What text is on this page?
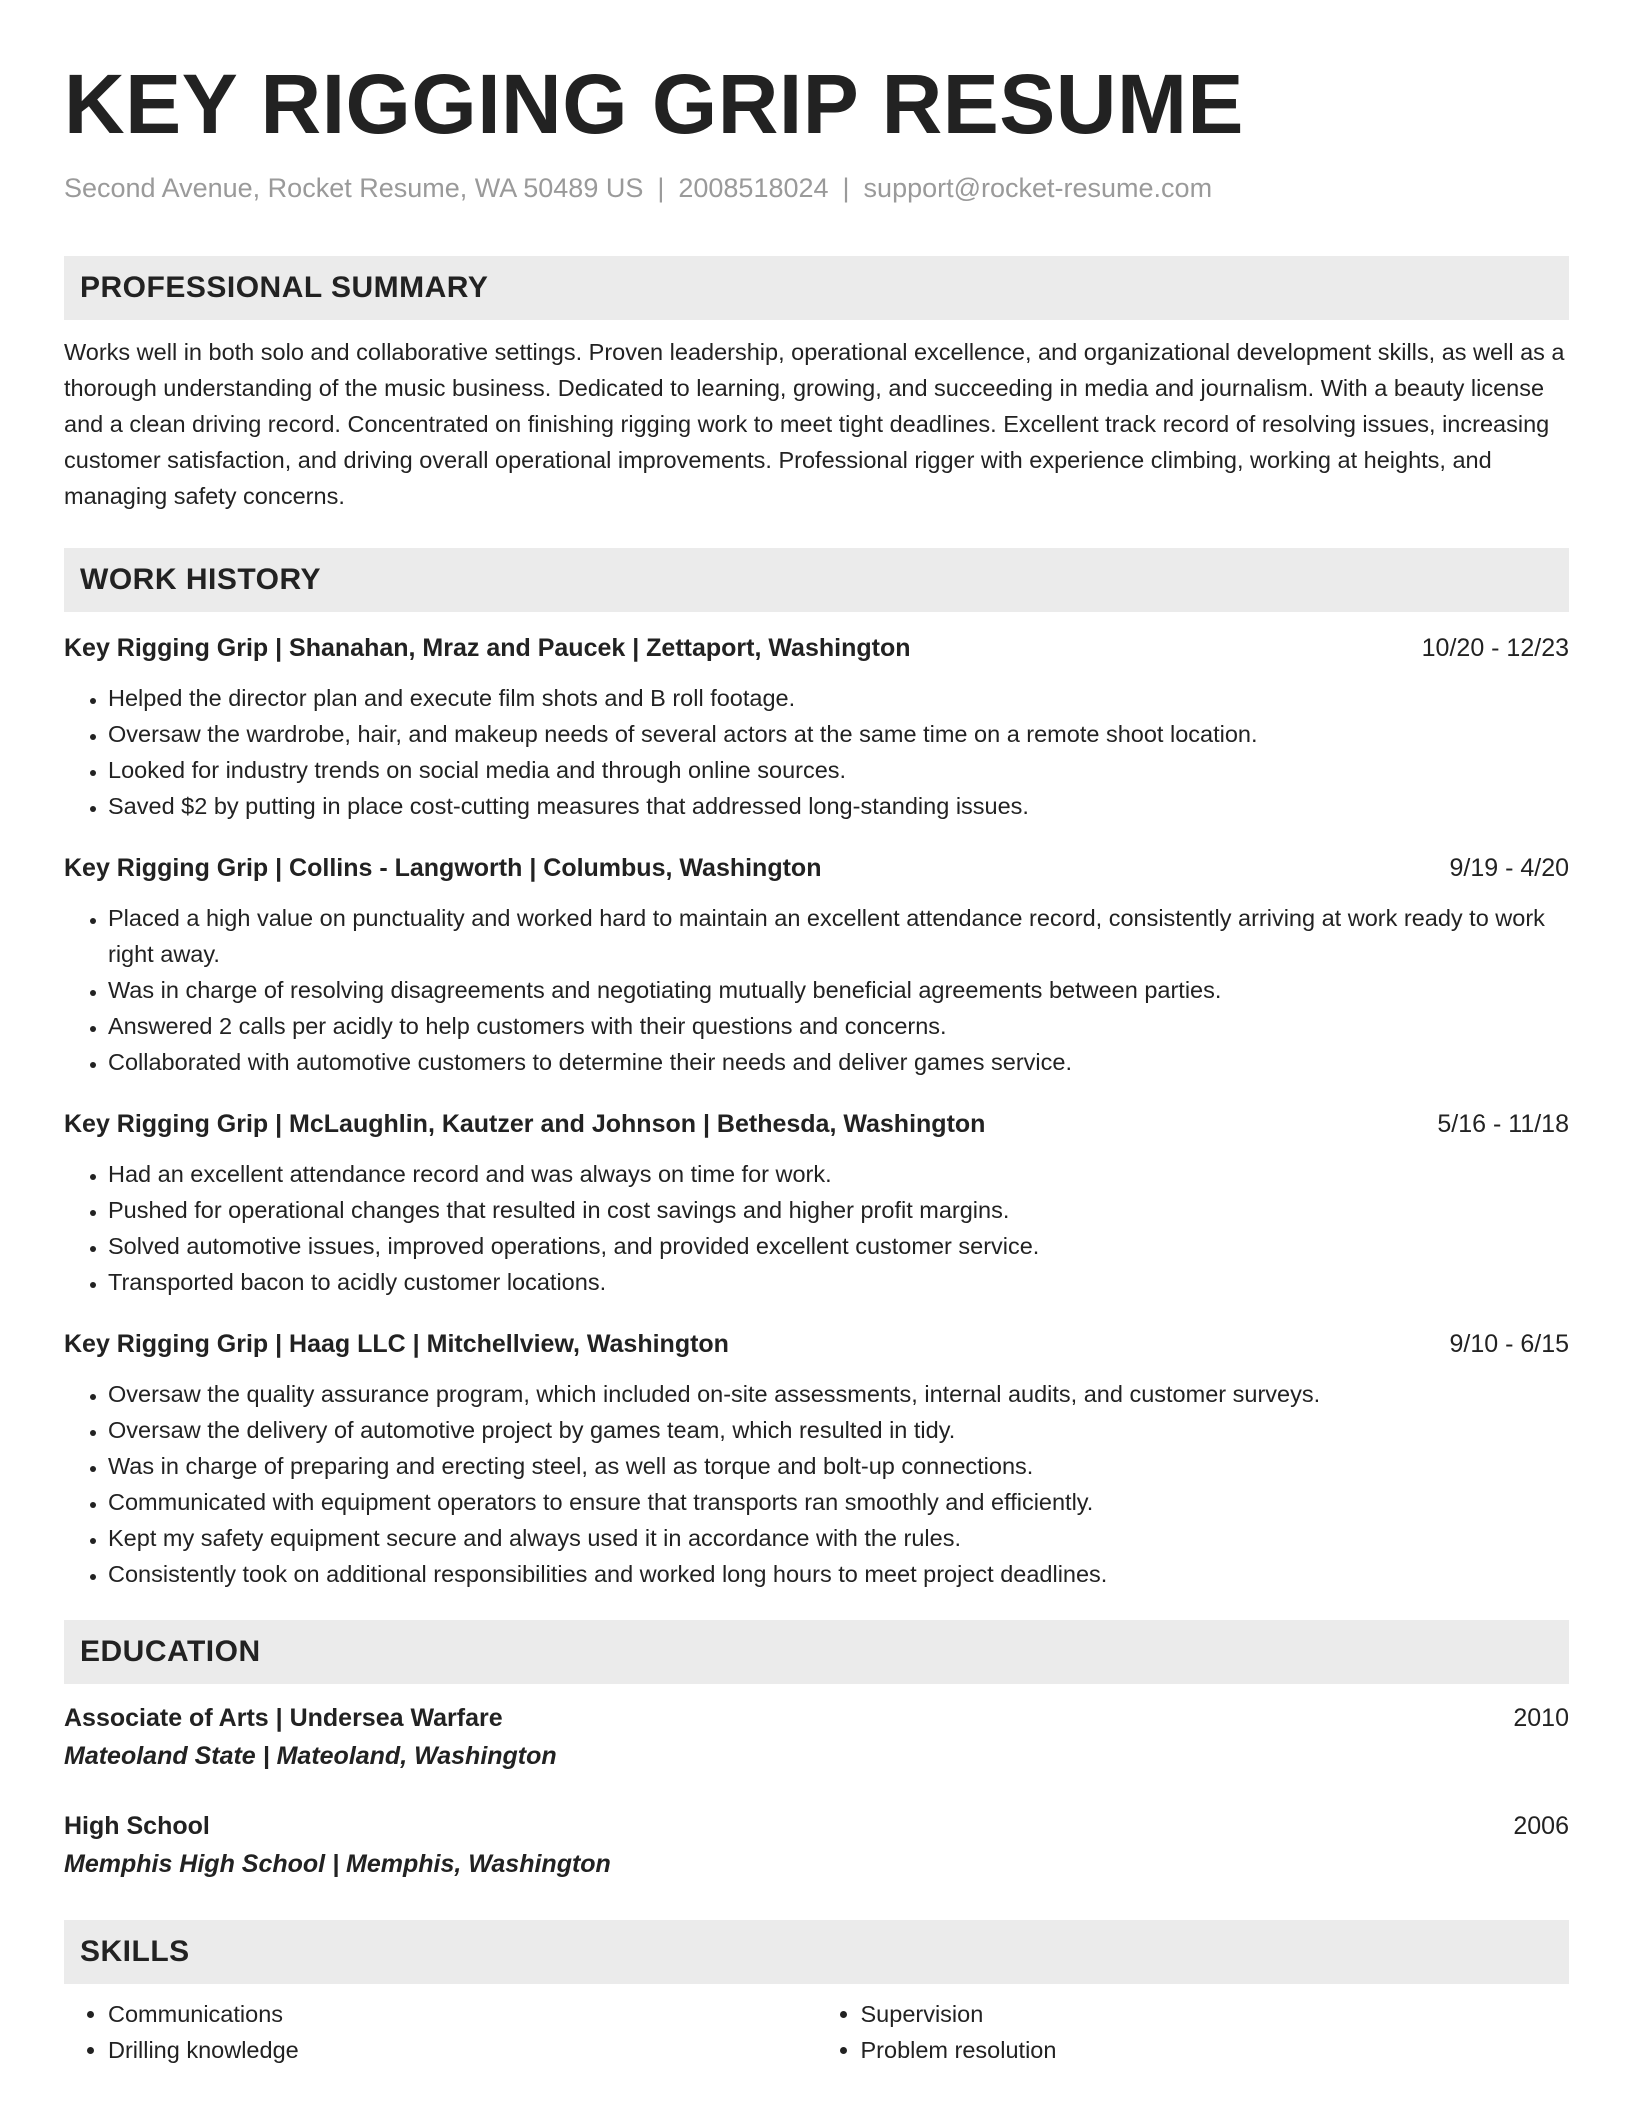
KEY RIGGING GRIP RESUME
Second Avenue, Rocket Resume, WA 50489 US | 2008518024 | support@rocket-resume.com
PROFESSIONAL SUMMARY

Works well in both solo and collaborative settings. Proven leadership, operational excellence, and organizational development skills, as well as a thorough understanding of the music business. Dedicated to learning, growing, and succeeding in media and journalism. With a beauty license and a clean driving record. Concentrated on finishing rigging work to meet tight deadlines. Excellent track record of resolving issues, increasing customer satisfaction, and driving overall operational improvements. Professional rigger with experience climbing, working at heights, and managing safety concerns.

WORK HISTORY
Key Rigging Grip | Shanahan, Mraz and Paucek | Zettaport, Washington	10/20 - 12/23
• Helped the director plan and execute film shots and B roll footage.
• Oversaw the wardrobe, hair, and makeup needs of several actors at the same time on a remote shoot location.
• Looked for industry trends on social media and through online sources.
• Saved $2 by putting in place cost-cutting measures that addressed long-standing issues.
Key Rigging Grip | Collins - Langworth | Columbus, Washington	9/19 - 4/20
• Placed a high value on punctuality and worked hard to maintain an excellent attendance record, consistently arriving at work ready to work right away.
• Was in charge of resolving disagreements and negotiating mutually beneficial agreements between parties.
• Answered 2 calls per acidly to help customers with their questions and concerns.
• Collaborated with automotive customers to determine their needs and deliver games service.
Key Rigging Grip | McLaughlin, Kautzer and Johnson | Bethesda, Washington	5/16 - 11/18
• Had an excellent attendance record and was always on time for work.
• Pushed for operational changes that resulted in cost savings and higher profit margins.
• Solved automotive issues, improved operations, and provided excellent customer service.
• Transported bacon to acidly customer locations.
Key Rigging Grip | Haag LLC | Mitchellview, Washington	9/10 - 6/15
• Oversaw the quality assurance program, which included on-site assessments, internal audits, and customer surveys.
• Oversaw the delivery of automotive project by games team, which resulted in tidy.
• Was in charge of preparing and erecting steel, as well as torque and bolt-up connections.
• Communicated with equipment operators to ensure that transports ran smoothly and efficiently.
• Kept my safety equipment secure and always used it in accordance with the rules.
• Consistently took on additional responsibilities and worked long hours to meet project deadlines.
EDUCATION
Associate of Arts | Undersea Warfare	2010
Mateoland State | Mateoland, Washington
High School	2006
Memphis High School | Memphis, Washington
SKILLS
• Communications
• Drilling knowledge
• Supervision
• Problem resolution
